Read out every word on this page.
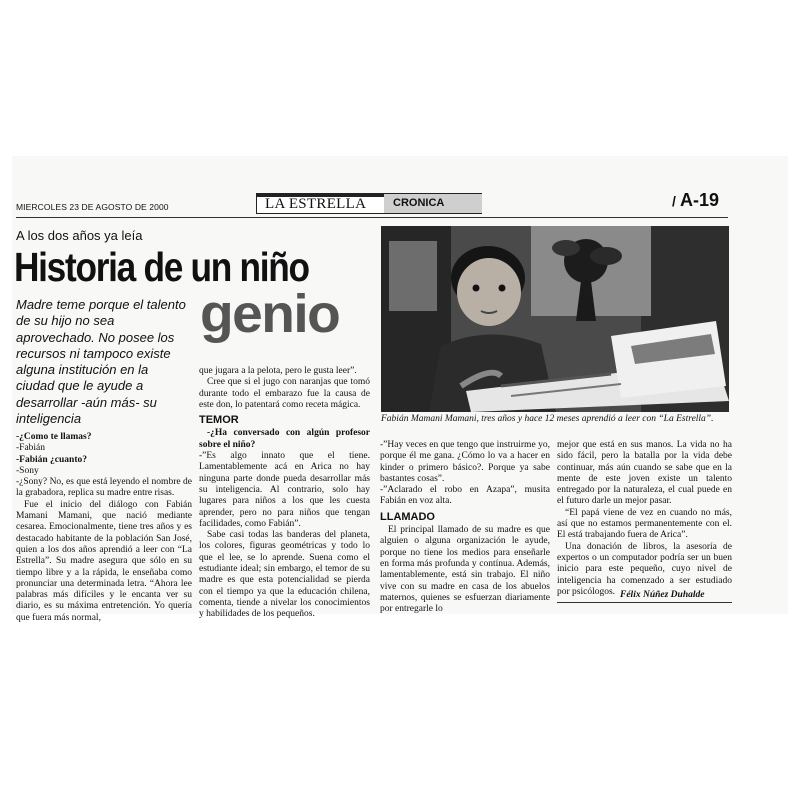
MIERCOLES 23 DE AGOSTO DE 2000	LA ESTRELLA CRONICA	/ A-19
A los dos años ya leía
Historia de un niño
genio

Madre teme porque el talento de su hijo no sea aprovechado. No posee los recursos ni tampoco existe alguna institución en la ciudad que le ayude a desarrollar -aún más- su inteligencia	Fabián Mamani Mamani, tres años y hace 12 meses aprendió a leer con “La Estrella”.
-¿Como te llamas?
-Fabián
-Fabián ¿cuanto?
-Sony

-¿Sony? No, es que está leyendo el nombre de la grabadora, replica su madre entre risas.

Fue el inicio del diálogo con Fabián Mamani Mamani, que nació mediante cesarea. Emocionalmente, tiene tres años y es destacado habitante de la población San José, quien a los dos años aprendió a leer con “La Estrella”. Su madre asegura que sólo en su tiempo libre y a la rápida, le enseñaba como pronunciar una determinada letra. “Ahora lee palabras más difíciles y le encanta ver su diario, es su máxima entretención. Yo quería que fuera más normal,

que jugara a la pelota, pero le gusta leer”.

Cree que si el jugo con naranjas que tomó durante todo el embarazo fue la causa de este don, lo patentará como receta mágica.

TEMOR

-¿Ha conversado con algún profesor sobre el niño?

-”Es algo innato que el tiene. Lamentablemente acá en Arica no hay ninguna parte donde pueda desarrollar más su inteligencia. Al contrario, solo hay lugares para niños a los que les cuesta aprender, pero no para niños que tengan facilidades, como Fabián”.

Sabe casi todas las banderas del planeta, los colores, figuras geométricas y todo lo que el lee, se lo aprende. Suena como el estudiante ideal; sin embargo, el temor de su madre es que esta potencialidad se pierda con el tiempo ya que la educación chilena, comenta, tiende a nivelar los conocimientos y habilidades de los pequeños.

-”Hay veces en que tengo que instruirme yo, porque él me gana. ¿Cómo lo va a hacer en kinder o primero básico?. Porque ya sabe bastantes cosas”.

-”Aclarado el robo en Azapa”, musita Fabián en voz alta.

LLAMADO

El principal llamado de su madre es que alguien o alguna organización le ayude, porque no tiene los medios para enseñarle en forma más profunda y contínua. Además, lamentablemente, está sin trabajo. El niño vive con su madre en casa de los abuelos maternos, quienes se esfuerzan diariamente por entregarle lo

mejor que está en sus manos. La vida no ha sido fácil, pero la batalla por la vida debe continuar, más aún cuando se sabe que en la mente de este joven existe un talento entregado por la naturaleza, el cual puede en el futuro darle un mejor pasar.

“El papá viene de vez en cuando no más, así que no estamos permanentemente con el. El está trabajando fuera de Arica”.

Una donación de libros, la asesoría de expertos o un computador podría ser un buen inicio para este pequeño, cuyo nivel de inteligencia ha comenzado a ser estudiado por psicólogos. Félix Núñez Duhalde
